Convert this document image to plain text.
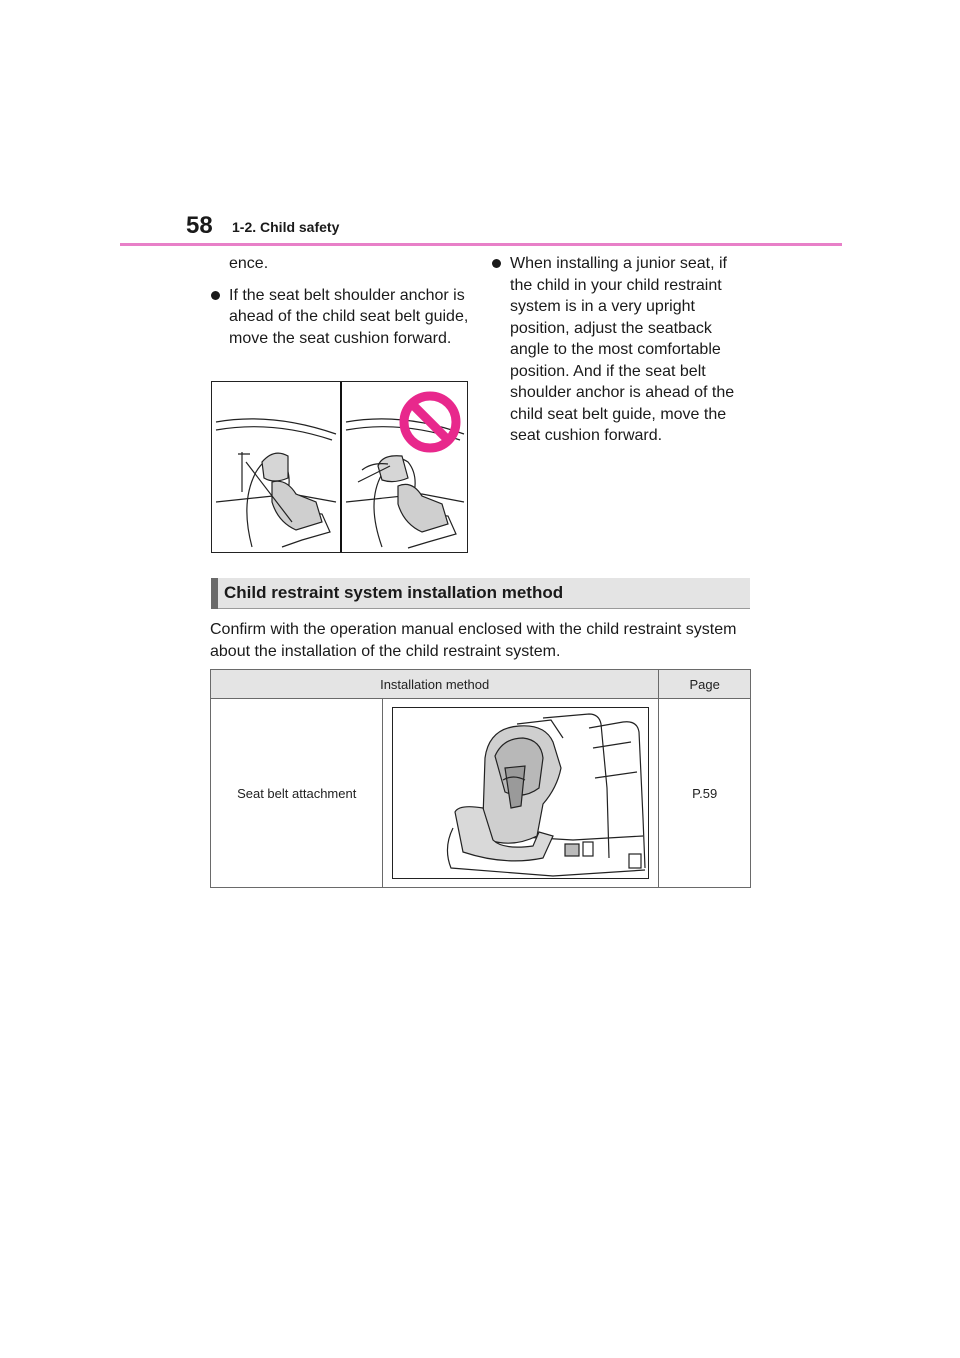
58 1-2. Child safety

ence.

If the seat belt shoulder anchor is ahead of the child seat belt guide, move the seat cushion forward.

When installing a junior seat, if the child in your child restraint system is in a very upright position, adjust the seatback angle to the most comfortable position. And if the seat belt shoulder anchor is ahead of the child seat belt guide, move the seat cushion forward.

Child restraint system installation method
Confirm with the operation manual enclosed with the child restraint system about the installation of the child restraint system.
Installation method		Page
Seat belt attachment		P.59
